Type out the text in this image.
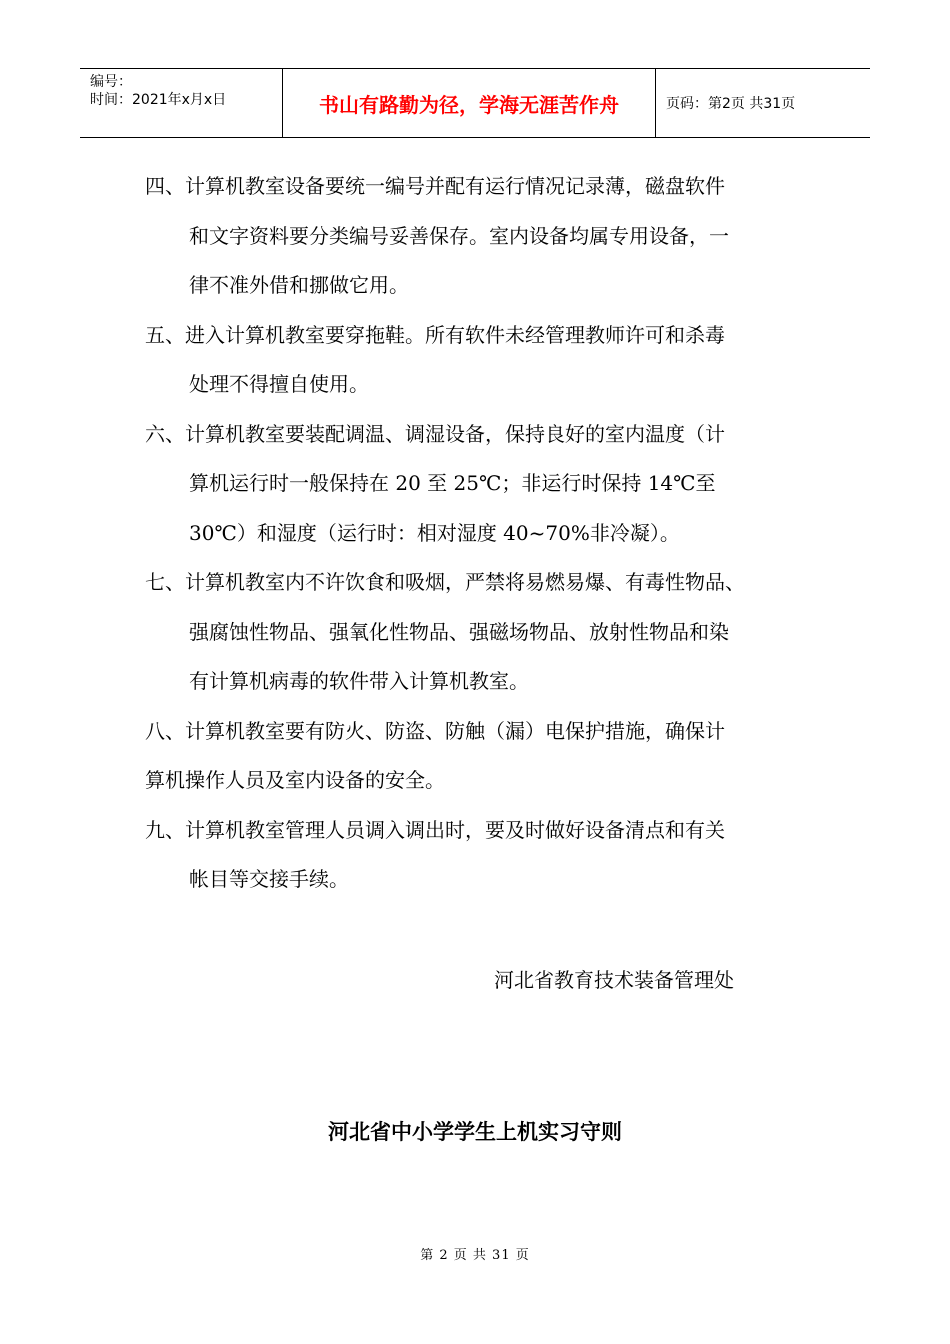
编号：
时间：2021年x月x日	书山有路勤为径，学海无涯苦作舟	页码：第2页 共31页

四、计算机教室设备要统一编号并配有运行情况记录薄，磁盘软件
和文字资料要分类编号妥善保存。室内设备均属专用设备，一
律不准外借和挪做它用。

五、进入计算机教室要穿拖鞋。所有软件未经管理教师许可和杀毒
处理不得擅自使用。

六、计算机教室要装配调温、调湿设备，保持良好的室内温度（计
算机运行时一般保持在 20 至 25℃；非运行时保持 14℃至
30℃）和湿度（运行时：相对湿度 40~70%非冷凝）。

七、计算机教室内不许饮食和吸烟，严禁将易燃易爆、有毒性物品、
强腐蚀性物品、强氧化性物品、强磁场物品、放射性物品和染
有计算机病毒的软件带入计算机教室。

八、计算机教室要有防火、防盗、防触（漏）电保护措施，确保计
算机操作人员及室内设备的安全。

九、计算机教室管理人员调入调出时，要及时做好设备清点和有关
帐目等交接手续。

河北省教育技术装备管理处
河北省中小学学生上机实习守则
第 2 页 共 31 页
